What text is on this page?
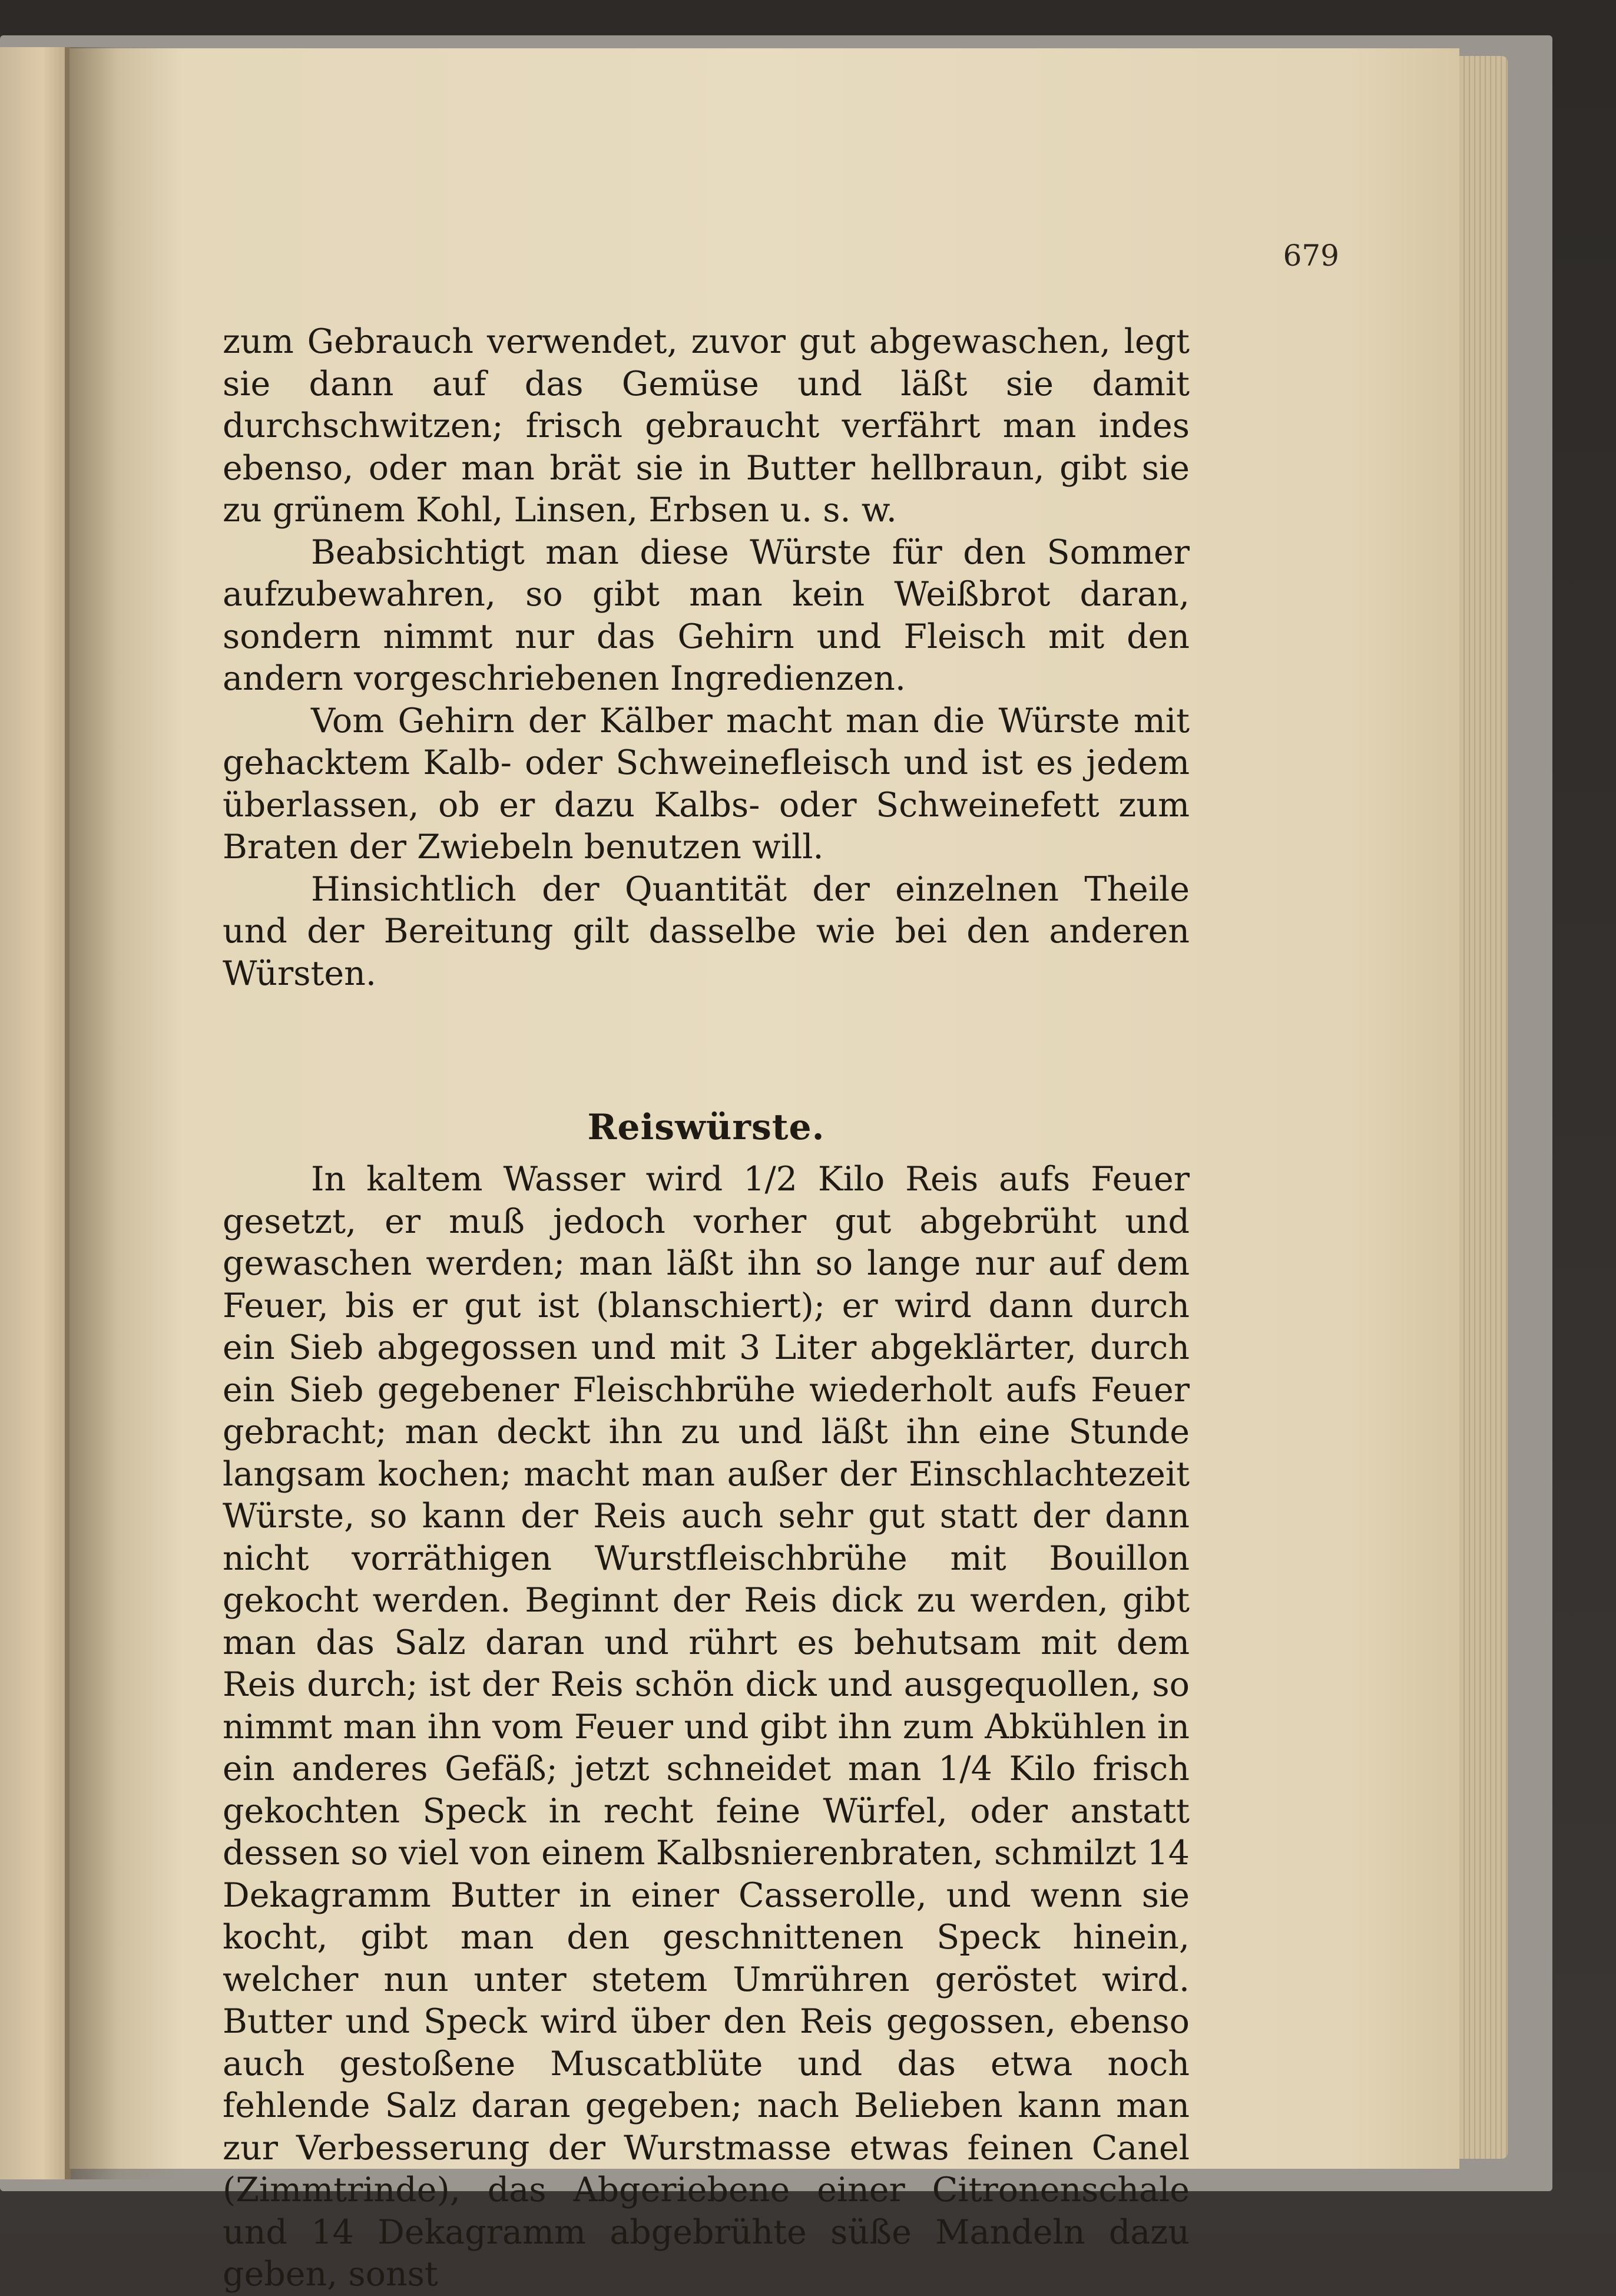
679

zum Gebrauch verwendet, zuvor gut abgewaschen, legt sie dann auf das Gemüse und läßt sie damit durchschwitzen; frisch gebraucht verfährt man indes ebenso, oder man brät sie in Butter hellbraun, gibt sie zu grünem Kohl, Linsen, Erbsen u. s. w.

Beabsichtigt man diese Würste für den Sommer aufzubewahren, so gibt man kein Weißbrot daran, sondern nimmt nur das Gehirn und Fleisch mit den andern vorgeschriebenen Ingredienzen.

Vom Gehirn der Kälber macht man die Würste mit gehacktem Kalb- oder Schweinefleisch und ist es jedem überlassen, ob er dazu Kalbs- oder Schweinefett zum Braten der Zwiebeln benutzen will.

Hinsichtlich der Quantität der einzelnen Theile und der Bereitung gilt dasselbe wie bei den anderen Würsten.

Reiswürste.

In kaltem Wasser wird 1/2 Kilo Reis aufs Feuer gesetzt, er muß jedoch vorher gut abgebrüht und gewaschen werden; man läßt ihn so lange nur auf dem Feuer, bis er gut ist (blanschiert); er wird dann durch ein Sieb abgegossen und mit 3 Liter abgeklärter, durch ein Sieb gegebener Fleischbrühe wiederholt aufs Feuer gebracht; man deckt ihn zu und läßt ihn eine Stunde langsam kochen; macht man außer der Einschlachtezeit Würste, so kann der Reis auch sehr gut statt der dann nicht vorräthigen Wurstfleischbrühe mit Bouillon gekocht werden. Beginnt der Reis dick zu werden, gibt man das Salz daran und rührt es behutsam mit dem Reis durch; ist der Reis schön dick und ausgequollen, so nimmt man ihn vom Feuer und gibt ihn zum Abkühlen in ein anderes Gefäß; jetzt schneidet man 1/4 Kilo frisch gekochten Speck in recht feine Würfel, oder anstatt dessen so viel von einem Kalbsnierenbraten, schmilzt 14 Dekagramm Butter in einer Casserolle, und wenn sie kocht, gibt man den geschnittenen Speck hinein, welcher nun unter stetem Umrühren geröstet wird. Butter und Speck wird über den Reis gegossen, ebenso auch gestoßene Muscatblüte und das etwa noch fehlende Salz daran gegeben; nach Belieben kann man zur Verbesserung der Wurstmasse etwas feinen Canel (Zimmtrinde), das Abgeriebene einer Citronenschale und 14 Dekagramm abgebrühte süße Mandeln dazu geben, sonst
